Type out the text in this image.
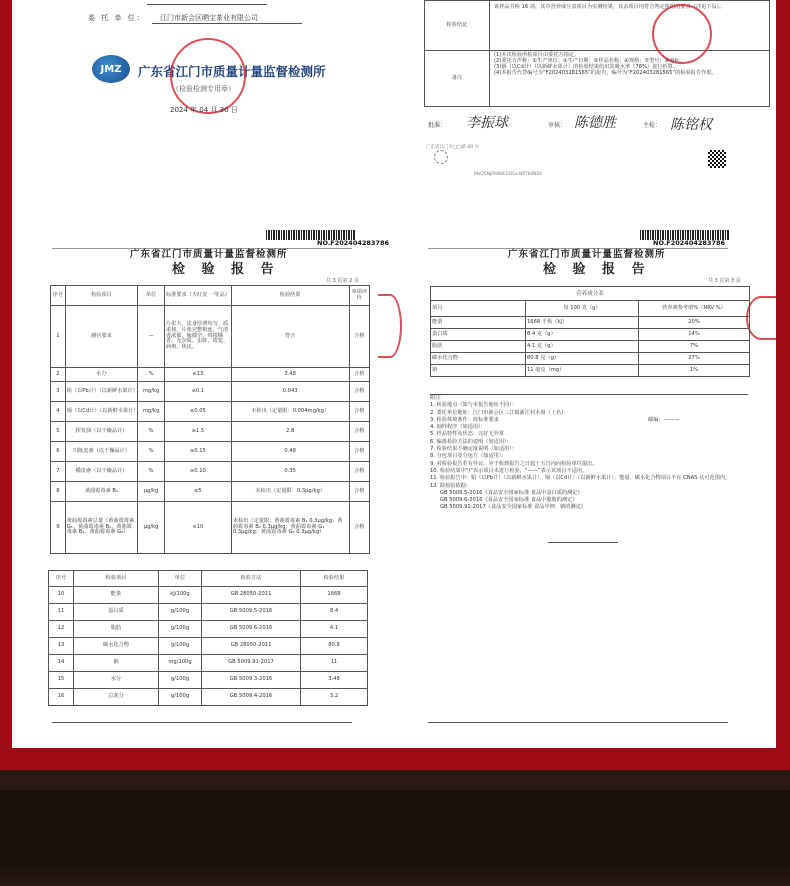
委 托 单 位： 江门市新会区晒宝茶业有限公司
JMZ	广东省江门市质量计量监督检测所
（检验检测专用章）
2024 年 04 月 30 日
检验结论	该样品共检 16 项，其中营养成分表项目为实测结果，其余项目均符合判定依据的要求（详见下页）。
备注	(1)本次检验所检项目由委托方指定。
(2)委托方声称：①生产单位；②生产日期；③样品名称；④规格；⑤型号；⑥商标。
(3)镉（以Cd计）（以新鲜水果计）的检验结果给出其吸水率（78%）进行折算。
(4)本报告代替编号为“F202403281565”的报告，编号为“F202403281565”的检验报告作废。
批准： 李振球	审核： 陈德胜	主检： 陈铭权
广东省江门市□□路 00 号
MzQ5NjRhNzE5OGc4MTk0NDc
NO.F202404283786
广东省江门市质量计量监督检测所
检 验 报 告
共 3 页第 2 页
序号	检验项目	单位	标准要求（大红皮 一等品）	检验结果	单项评价
1	感官要求	—	片张大、皮身厚薄均匀、质柔韧，片张完整相连，气清香浓郁，味微辛、带柑橘香，无杂质、虫蛀、霉变、病斑、焦皮。	符合	合格
2	水分	%	≤13	3.48	合格
3	铅（以Pb计）（以新鲜水果计）	mg/kg	≤0.1	0.043	合格
4	镉（以Cd计）（以新鲜水果计）	mg/kg	≤0.05	未检出（定量限：0.004mg/kg）	合格
5	挥发油（以干燥品计）	%	≥1.5	2.8	合格
6	川陈皮素（以干燥品计）	%	≥0.15	0.48	合格
7	橘皮素（以干燥品计）	%	≥0.10	0.35	合格
8	黄曲霉毒素 B₁	μg/kg	≤5	未检出（定量限：0.3μg/kg）	合格
9	黄曲霉毒素总量（黄曲霉毒素 G₁、黄曲霉毒素 B₁、黄曲霉毒素 B₂、黄曲霉毒素 G₂）	μg/kg	≤10	未检出（定量限：黄曲霉毒素 B₁ 0.3μg/kg；黄曲霉毒素 B₂ 0.3μg/kg；黄曲霉毒素 G₁ 0.3μg/kg；黄曲霉毒素 G₂ 0.3μg/kg）	合格
序号	检验项目	单位	检验方法	检验结果
10	能量	kJ/100g	GB 28050-2011	1668
11	蛋白质	g/100g	GB 5009.5-2016	8.4
12	脂肪	g/100g	GB 5009.6-2016	4.1
13	碳水化合物	g/100g	GB 28050-2011	80.8
14	钠	mg/100g	GB 5009.91-2017	11
15	水分	g/100g	GB 5009.3-2016	3.48
16	总灰分	g/100g	GB 5009.4-2016	3.2
NO.F202404283786
广东省江门市质量计量监督检测所
检 验 报 告
共 3 页第 3 页
营养成分表
项目	每 100 克（g）	营养素参考值%（NRV %）
能量	1668 千焦（kJ）	20%
蛋白质	8.4 克（g）	14%
脂肪	4.1 克（g）	7%
碳水化合物	80.8 克（g）	27%
钠	11 毫克（mg）	1%
附注：
1. 检验地点（如与本报告地址不同）：
2. 委托单位地址：江门市新会区三江镇新江村木围（土名）
3. 检验环境条件：按标准要求
4. 抽样程序（如适用）：
5. 样品特性及状态：完好无异常
6. 偏离检验方法的说明（如适用）：
7. 检验结果不确定度说明（如适用）：
8. 分包项目及分包方（如适用）：
9. 对检验报告若有异议，应于收到报告之日起十五日内向检验单位提出。
10. 检验结果中“/”表示项目未进行检验，“——”表示该项目不适用。
11. 检验报告中：铅（以Pb计）（以新鲜水果计）、镉（以Cd计）（以新鲜水果计）、能量、碳水化合物项目不在 CNAS 认可范围内。
12. 除检验依据：
GB 5009.5-2016《食品安全国家标准 食品中蛋白质的测定》
GB 5009.6-2016《食品安全国家标准 食品中脂肪的测定》
GB 5009.91-2017《食品安全国家标准 食品中钾、钠的测定》
邮编：———
